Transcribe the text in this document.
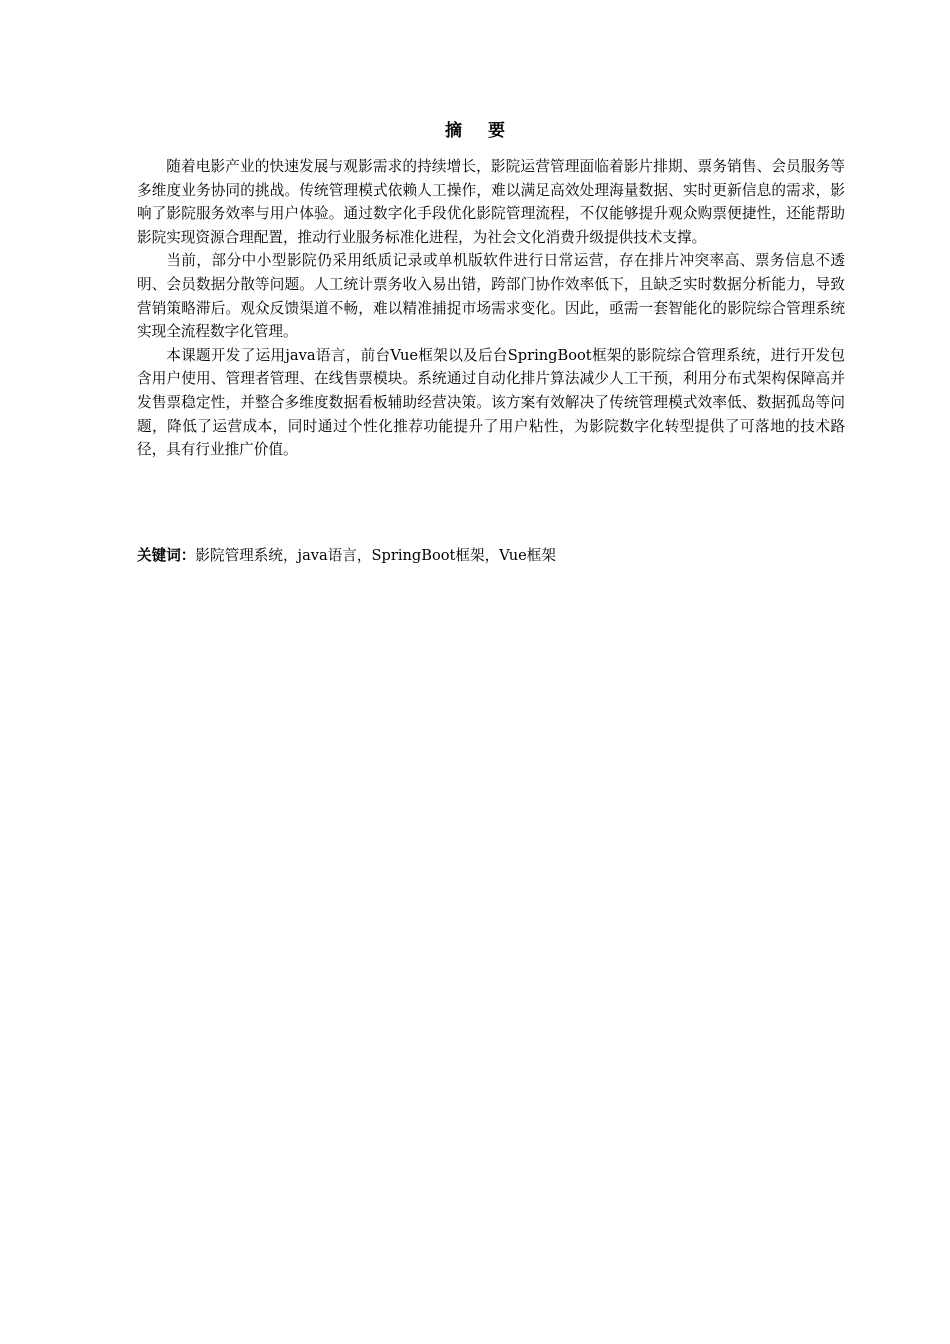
摘 要

随着电影产业的快速发展与观影需求的持续增长，影院运营管理面临着影片排期、票务销售、会员服务等多维度业务协同的挑战。传统管理模式依赖人工操作，难以满足高效处理海量数据、实时更新信息的需求，影响了影院服务效率与用户体验。通过数字化手段优化影院管理流程，不仅能够提升观众购票便捷性，还能帮助影院实现资源合理配置，推动行业服务标准化进程，为社会文化消费升级提供技术支撑。

当前，部分中小型影院仍采用纸质记录或单机版软件进行日常运营，存在排片冲突率高、票务信息不透明、会员数据分散等问题。人工统计票务收入易出错，跨部门协作效率低下，且缺乏实时数据分析能力，导致营销策略滞后。观众反馈渠道不畅，难以精准捕捉市场需求变化。因此，亟需一套智能化的影院综合管理系统实现全流程数字化管理。

本课题开发了运用java语言，前台Vue框架以及后台SpringBoot框架的影院综合管理系统，进行开发包含用户使用、管理者管理、在线售票模块。系统通过自动化排片算法减少人工干预，利用分布式架构保障高并发售票稳定性，并整合多维度数据看板辅助经营决策。该方案有效解决了传统管理模式效率低、数据孤岛等问题，降低了运营成本，同时通过个性化推荐功能提升了用户粘性，为影院数字化转型提供了可落地的技术路径，具有行业推广价值。

关键词：影院管理系统，java语言，SpringBoot框架，Vue框架
